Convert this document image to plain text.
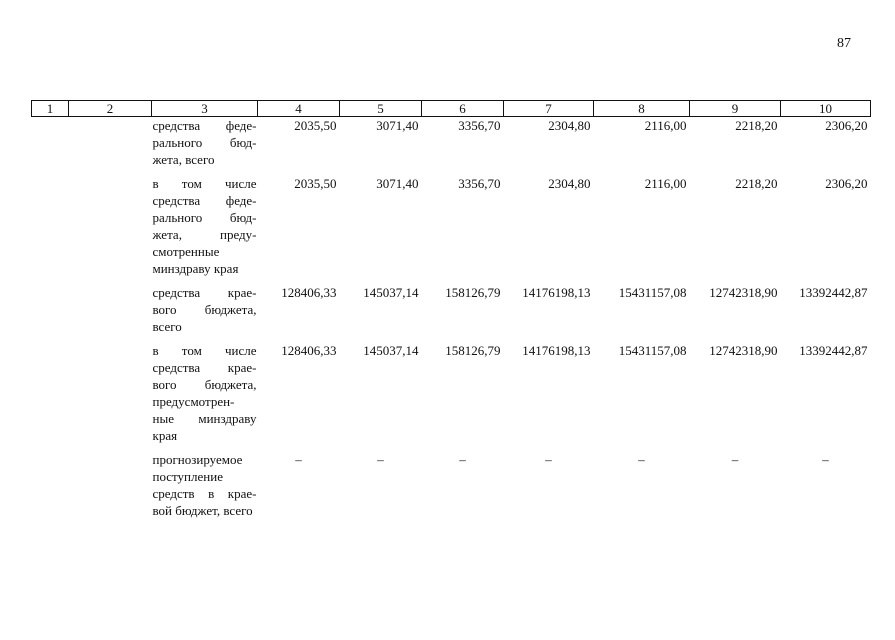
87
1	2	3	4	5	6	7	8	9	10
		средства феде- рального бюд- жета, всего	2035,50	3071,40	3356,70	2304,80	2116,00	2218,20	2306,20
		в том числе средства феде- рального бюд- жета, преду- смотренные минздраву края	2035,50	3071,40	3356,70	2304,80	2116,00	2218,20	2306,20
		средства крае- вого бюджета, всего	128406,33	145037,14	158126,79	14176198,13	15431157,08	12742318,90	13392442,87
		в том числе средства крае- вого бюджета, предусмотрен- ные минздраву края	128406,33	145037,14	158126,79	14176198,13	15431157,08	12742318,90	13392442,87
		прогнозируемое поступление средств в крае- вой бюджет, всего	–	–	–	–	–	–	–
